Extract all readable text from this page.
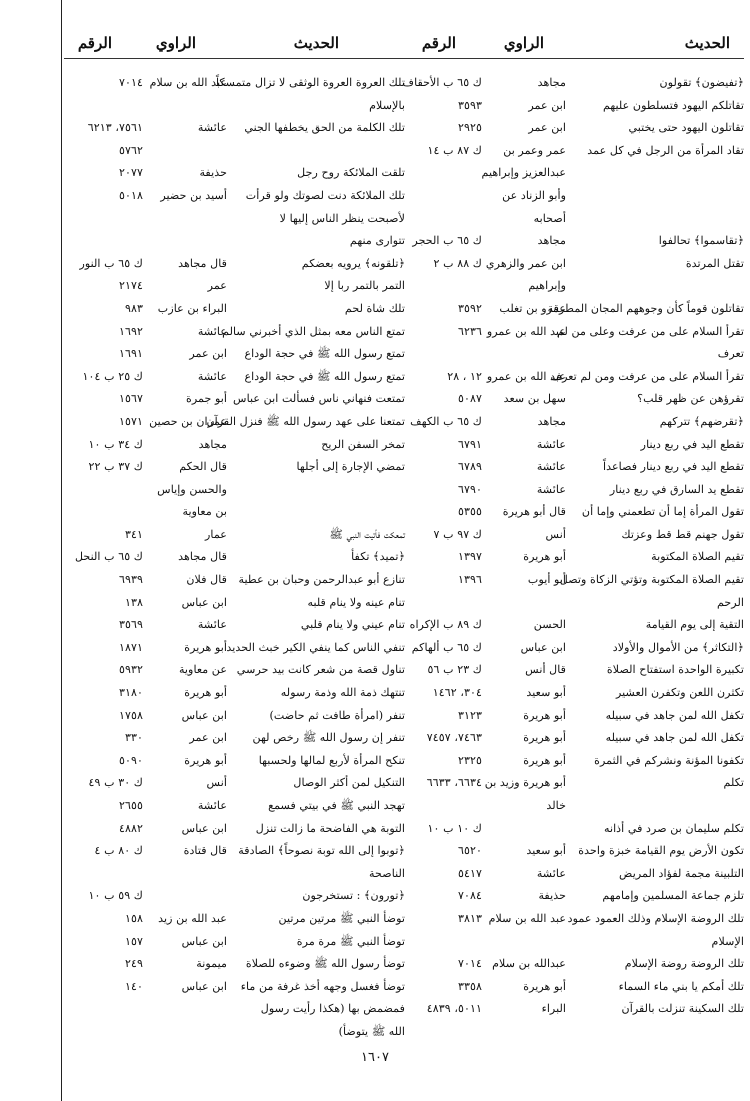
الحديث
الراوي
الرقم
الحديث
الراوي
الرقم
﴿تفيضون﴾ تقولون
مجاهد
ك ٦٥ ب الأحقاف
تقاتلكم اليهود فتسلطون عليهم
ابن عمر
٣٥٩٣
تقاتلون اليهود حتى يختبي
ابن عمر
٢٩٢٥
تقاد المرأة من الرجل في كل عمد
عمر وعمر بن
ك ٨٧ ب ١٤
عبدالعزيز وإبراهيم
وأبو الزناد عن
أصحابه
﴿تقاسموا﴾ تحالفوا
مجاهد
ك ٦٥ ب الحجر
تقتل المرتدة
ابن عمر والزهري
ك ٨٨ ب ٢
وإبراهيم
تقاتلون قوماً كأن وجوههم المجان المطرقة
عمرو بن تغلب
٣٥٩٢
تقرأ السلام على من عرفت وعلى من لم
عبد الله بن عمرو
٦٢٣٦
تعرف
تقرأ السلام على من عرفت ومن لم تعرف
عبد الله بن عمرو
١٢ ، ٢٨
تقرؤهن عن ظهر قلب؟
سهل بن سعد
٥٠٨٧
﴿تقرضهم﴾ تتركهم
مجاهد
ك ٦٥ ب الكهف
تقطع اليد في ربع دينار
عائشة
٦٧٩١
تقطع اليد في ربع دينار فصاعداً
عائشة
٦٧٨٩
تقطع يد السارق في ربع دينار
عائشة
٦٧٩٠
تقول المرأة إما أن تطعمني وإما أن
قال أبو هريرة
٥٣٥٥
تقول جهنم قط قط وعزتك
أنس
ك ٩٧ ب ٧
تقيم الصلاة المكتوبة
أبو هريرة
١٣٩٧
تقيم الصلاة المكتوبة وتؤتي الزكاة وتصل
أبو أيوب
١٣٩٦
الرحم
التقية إلى يوم القيامة
الحسن
ك ٨٩ ب الإكراه
﴿التكاثر﴾ من الأموال والأولاد
ابن عباس
ك ٦٥ ب ألهاكم
تكبيرة الواحدة استفتاح الصلاة
قال أنس
ك ٢٣ ب ٥٦
تكثرن اللعن وتكفرن العشير
أبو سعيد
٣٠٤، ١٤٦٢
تكفل الله لمن جاهد في سبيله
أبو هريرة
٣١٢٣
تكفل الله لمن جاهد في سبيله
أبو هريرة
٧٤٦٣، ٧٤٥٧
تكفونا المؤنة ونشركم في الثمرة
أبو هريرة
٢٣٢٥
تكلم
أبو هريرة وزيد بن
٦٦٣٤، ٦٦٣٣
خالد
تكلم سليمان بن صرد في أذانه
ك ١٠ ب ١٠
تكون الأرض يوم القيامة خبزة واحدة
أبو سعيد
٦٥٢٠
التلبينة مجمة لفؤاد المريض
عائشة
٥٤١٧
تلزم جماعة المسلمين وإمامهم
حذيفة
٧٠٨٤
تلك الروضة الإسلام وذلك العمود عمود
عبد الله بن سلام
٣٨١٣
الإسلام
تلك الروضة روضة الإسلام
عبدالله بن سلام
٧٠١٤
تلك أمكم يا بني ماء السماء
أبو هريرة
٣٣٥٨
تلك السكينة تنزلت بالقرآن
البراء
٥٠١١، ٤٨٣٩
تلك العروة العروة الوثقى لا تزال متمسكاً
عبد الله بن سلام
٧٠١٤
بالإسلام
تلك الكلمة من الحق يخطفها الجني
عائشة
٧٥٦١، ٦٢١٣
٥٧٦٢
تلقت الملائكة روح رجل
حذيفة
٢٠٧٧
تلك الملائكة دنت لصوتك ولو قرأت
أسيد بن حضير
٥٠١٨
لأصبحت ينظر الناس إليها لا
تتوارى منهم
﴿تلقونه﴾ يرويه بعضكم
قال مجاهد
ك ٦٥ ب النور
التمر بالتمر ربا إلا
عمر
٢١٧٤
تلك شاة لحم
البراء بن عازب
٩٨٣
تمتع الناس معه بمثل الذي أخبرني سالم
عائشة
١٦٩٢
تمتع رسول الله ﷺ في حجة الوداع
ابن عمر
١٦٩١
تمتع رسول الله ﷺ في حجة الوداع
عائشة
ك ٢٥ ب ١٠٤
تمتعت فنهاني ناس فسألت ابن عباس
أبو جمرة
١٥٦٧
تمتعنا على عهد رسول الله ﷺ فنزل القرآن
عمران بن حصين
١٥٧١
تمخر السفن الريح
مجاهد
ك ٣٤ ب ١٠
تمضي الإجارة إلى أجلها
قال الحكم
ك ٣٧ ب ٢٢
والحسن وإياس
بن معاوية
تمعكت فأتيت النبي ﷺ
عمار
٣٤١
﴿تميد﴾ تكفأ
قال مجاهد
ك ٦٥ ب النحل
تنازع أبو عبدالرحمن وحبان بن عطية
قال فلان
٦٩٣٩
تنام عينه ولا ينام قلبه
ابن عباس
١٣٨
تنام عيني ولا ينام قلبي
عائشة
٣٥٦٩
تنفي الناس كما ينفي الكير خبث الحديد
أبو هريرة
١٨٧١
تناول قصة من شعر كانت بيد حرسي
عن معاوية
٥٩٣٢
تنتهك ذمة الله وذمة رسوله
أبو هريرة
٣١٨٠
تنفر (امرأة طافت ثم حاضت)
ابن عباس
١٧٥٨
تنفر إن رسول الله ﷺ رخص لهن
ابن عمر
٣٣٠
تنكح المرأة لأربع لمالها ولحسبها
أبو هريرة
٥٠٩٠
التنكيل لمن أكثر الوصال
أنس
ك ٣٠ ب ٤٩
تهجد النبي ﷺ في بيتي فسمع
عائشة
٢٦٥٥
التوبة هي الفاضحة ما زالت تنزل
ابن عباس
٤٨٨٢
﴿توبوا إلى الله توبة نصوحاً﴾ الصادقة
قال قتادة
ك ٨٠ ب ٤
الناصحة
﴿تورون﴾ : تستخرجون
ك ٥٩ ب ١٠
توضأ النبي ﷺ مرتين مرتين
عبد الله بن زيد
١٥٨
توضأ النبي ﷺ مرة مرة
ابن عباس
١٥٧
توضأ رسول الله ﷺ وضوءه للصلاة
ميمونة
٢٤٩
توضأ فغسل وجهه أخذ غرفة من ماء
ابن عباس
١٤٠
فمضمض بها (هكذا رأيت رسول
الله ﷺ يتوضأ)
١٦٠٧
